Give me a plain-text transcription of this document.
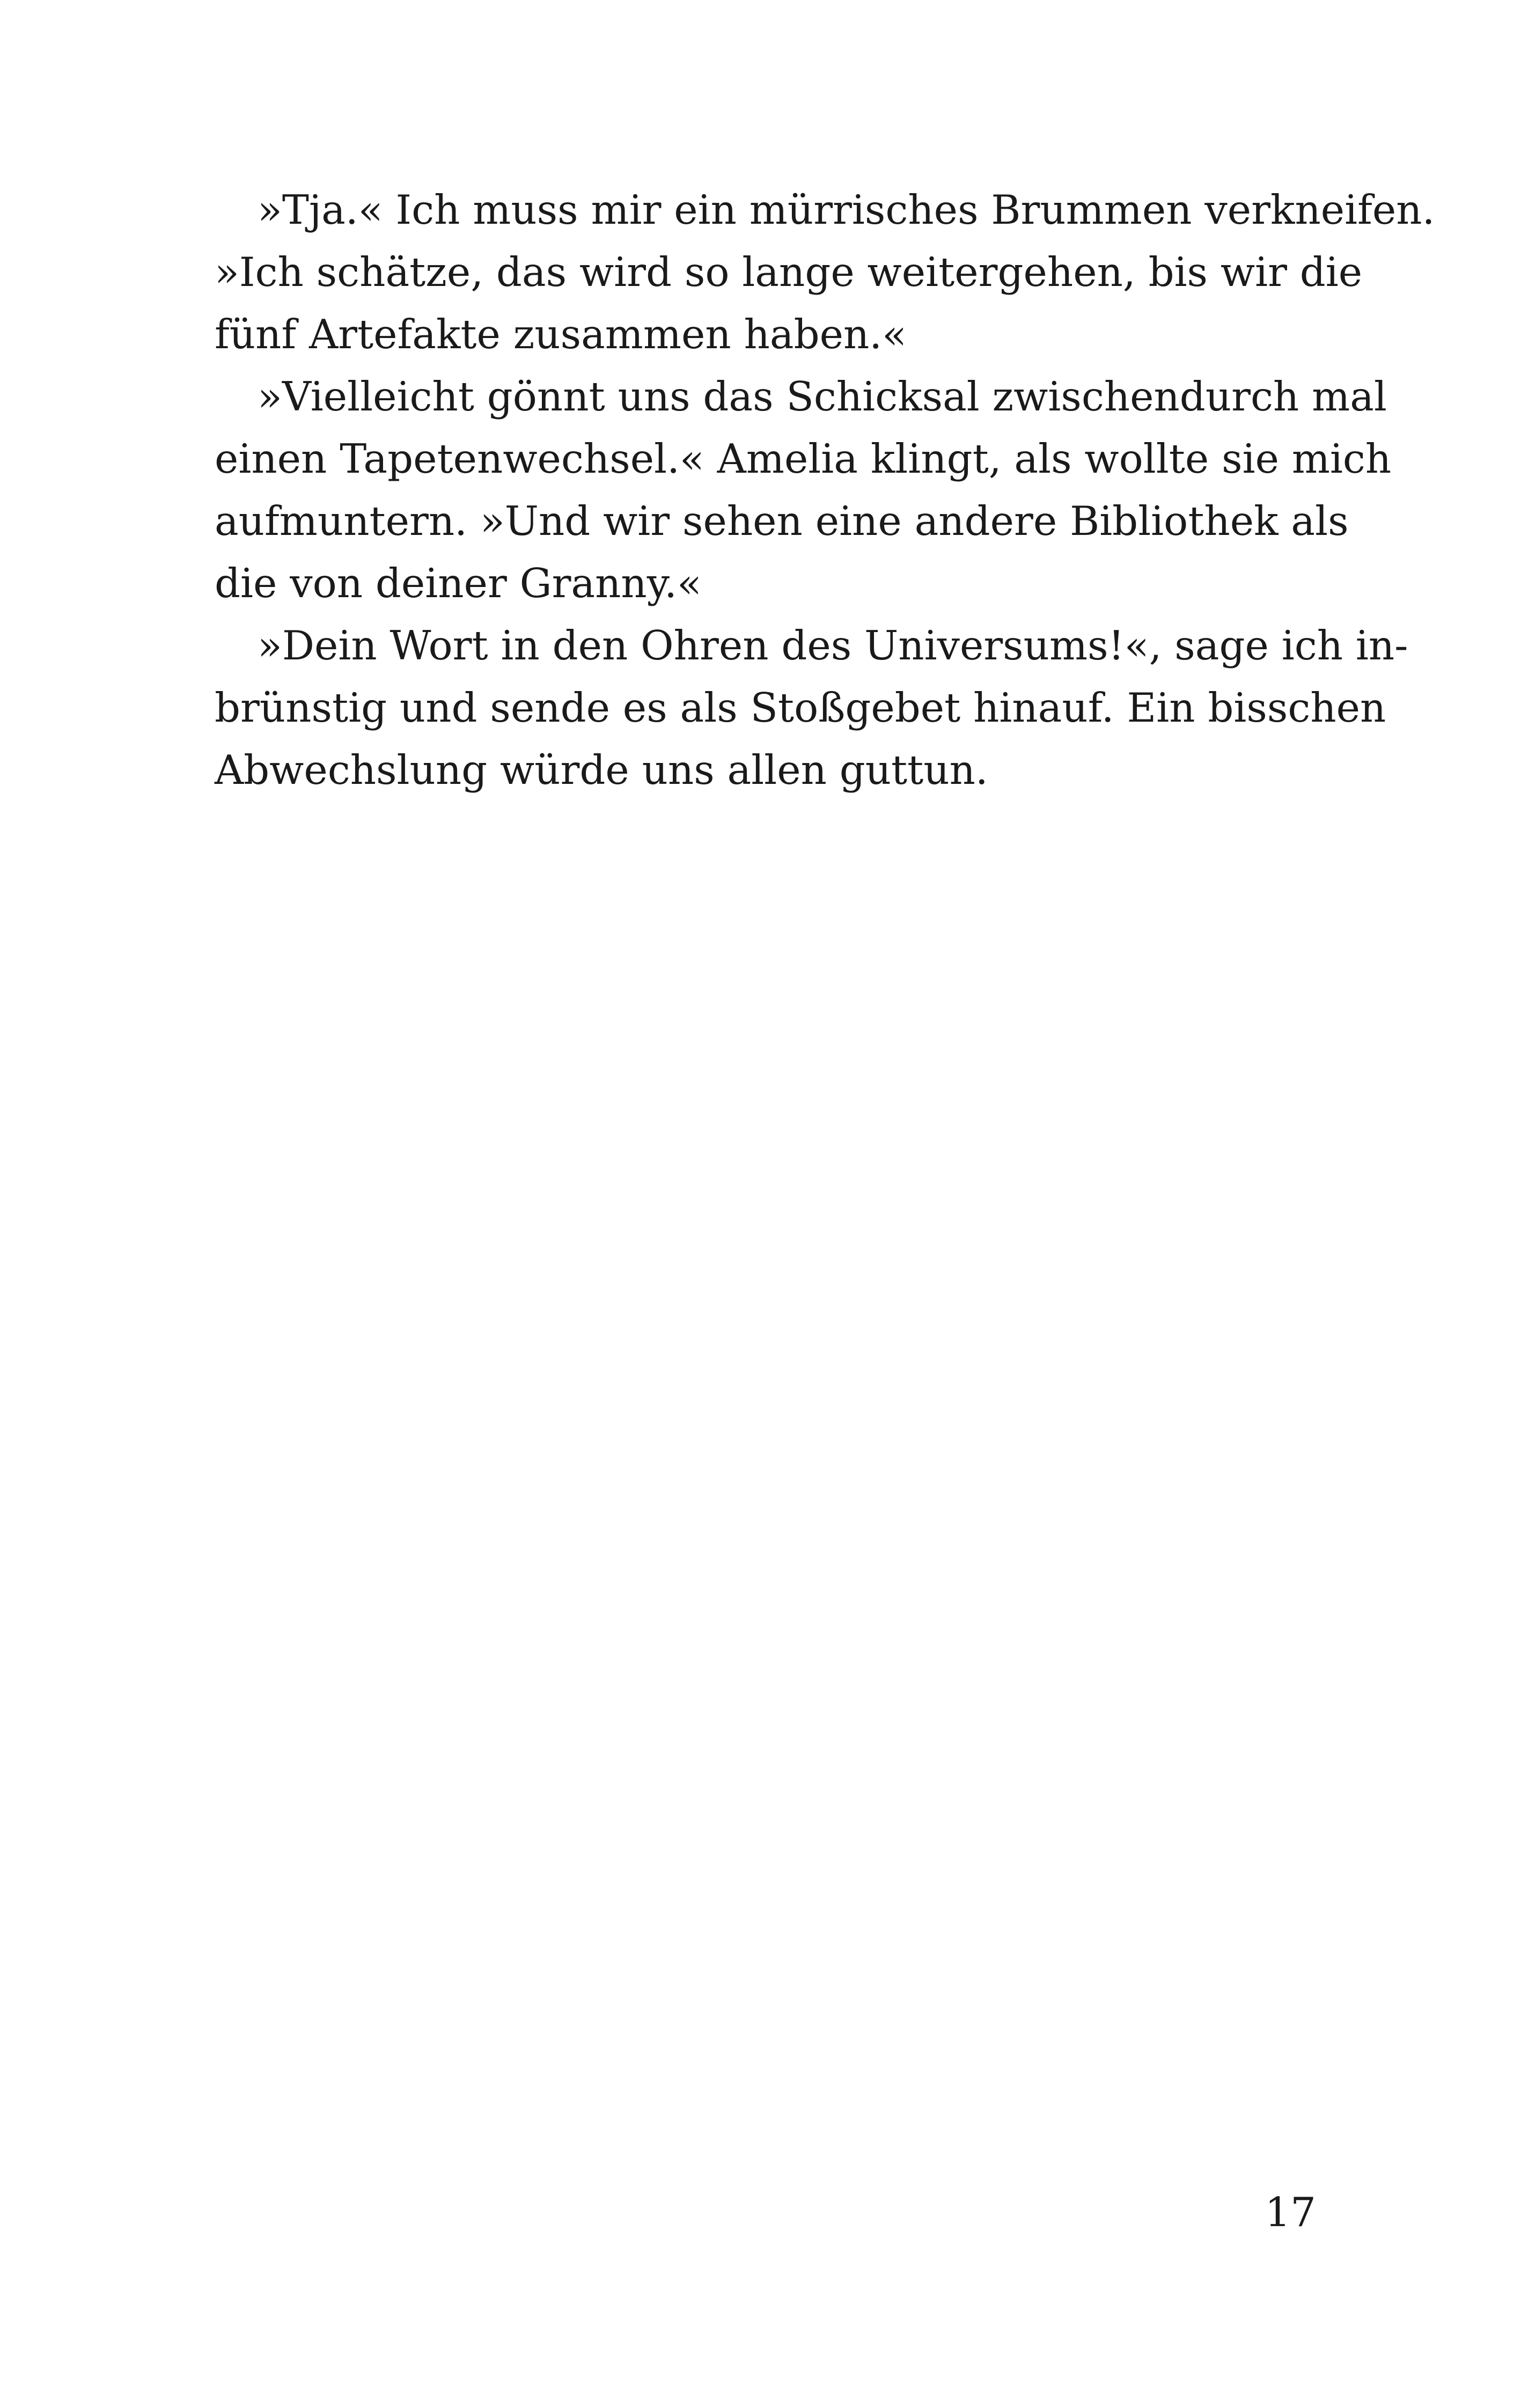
»Tja.« Ich muss mir ein mürrisches Brummen verkneifen.
»Ich schätze, das wird so lange weitergehen, bis wir die
fünf Artefakte zusammen haben.«

»Vielleicht gönnt uns das Schicksal zwischendurch mal
einen Tapetenwechsel.« Amelia klingt, als wollte sie mich
aufmuntern. »Und wir sehen eine andere Bibliothek als
die von deiner Granny.«

»Dein Wort in den Ohren des Universums!«, sage ich in-
brünstig und sende es als Stoßgebet hinauf. Ein bisschen
Abwechslung würde uns allen guttun.

17
